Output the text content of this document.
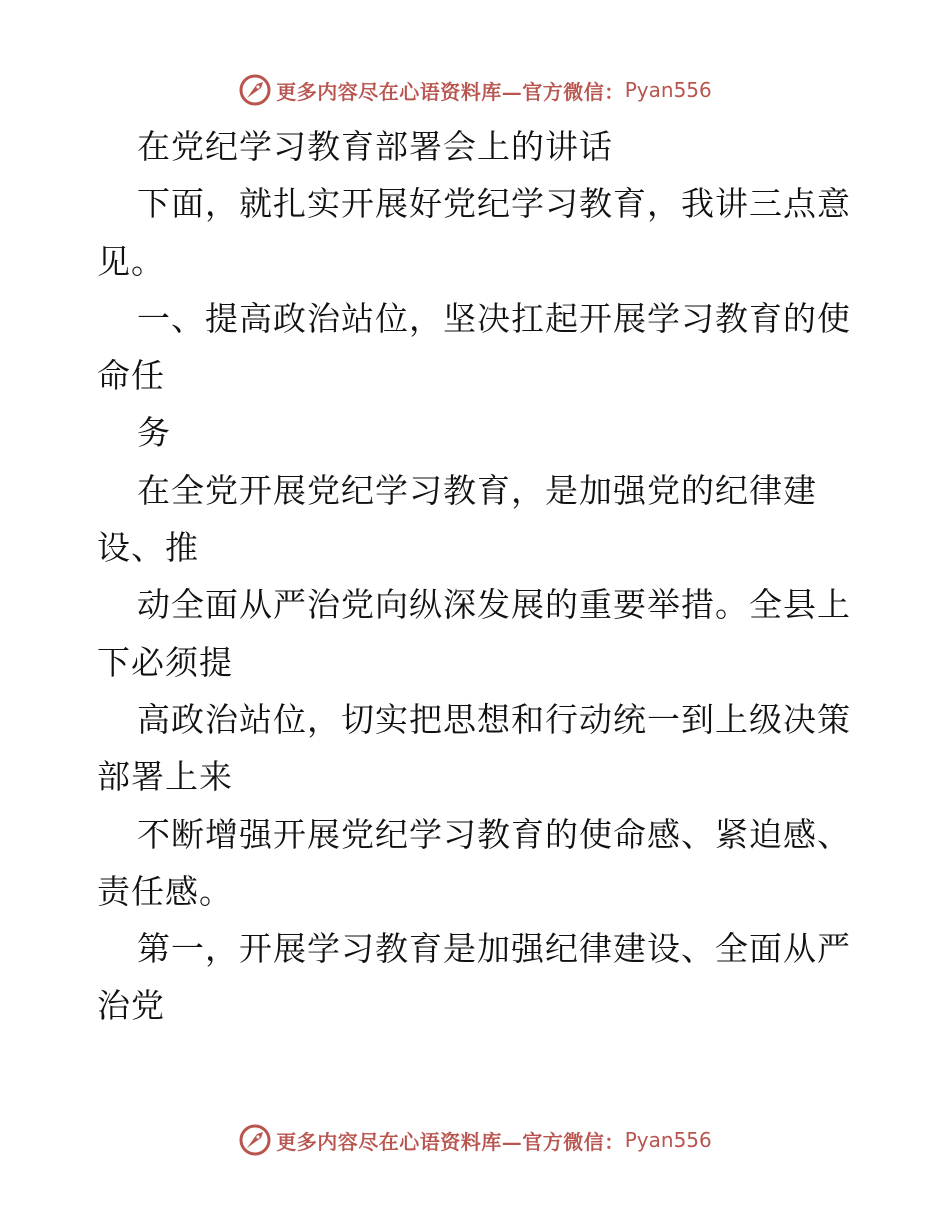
更多内容尽在心语资料库—官方微信： Pyan556
在党纪学习教育部署会上的讲话
下面，就扎实开展好党纪学习教育，我讲三点意
见。
一、提高政治站位，坚决扛起开展学习教育的使
命任
务
在全党开展党纪学习教育，是加强党的纪律建
设、推
动全面从严治党向纵深发展的重要举措。全县上
下必须提
高政治站位，切实把思想和行动统一到上级决策
部署上来
不断增强开展党纪学习教育的使命感、紧迫感、
责任感。
第一，开展学习教育是加强纪律建设、全面从严
治党
更多内容尽在心语资料库—官方微信： Pyan556
